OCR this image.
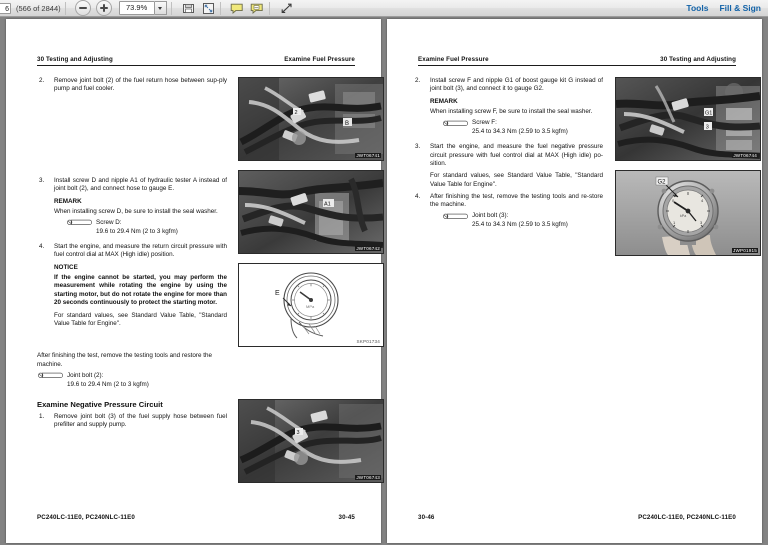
6 (566 of 2844)	73.9%	Tools Fill & Sign
30 Testing and Adjusting	Examine Fuel Pressure
2. Remove joint bolt (2) of the fuel return hose between sup-ply pump and fuel cooler.

3. Install screw D and nipple A1 of hydraulic tester A instead of joint bolt (2), and connect hose to gauge E.

REMARK

When installing screw D, be sure to install the seal washer.

Screw D:
19.6 to 29.4 Nm (2 to 3 kgfm)
4. Start the engine, and measure the return circuit pressure with fuel control dial at MAX (High idle) position.

NOTICE

If the engine cannot be started, you may perform the measurement while rotating the engine by using the starting motor, but do not rotate the engine for more than 20 seconds continuously to protect the starting motor.

For standard values, see Standard Value Table, "Standard Value Table for Engine".

After finishing the test, remove the testing tools and restore the machine.

Joint bolt (2):
19.6 to 29.4 Nm (2 to 3 kgfm)
Examine Negative Pressure Circuit
1. Remove joint bolt (3) of the fuel supply hose between fuel prefilter and supply pump.

B
2
JWT06741
A1
JWT06742
MPa
E
SKP01734
3
JWT06743
PC240LC-11E0, PC240NLC-11E0	30-45
Examine Fuel Pressure	30 Testing and Adjusting
2. Install screw F and nipple G1 of boost gauge kit G instead of joint bolt (3), and connect it to gauge G2.

REMARK

When installing screw F, be sure to install the seal washer.

Screw F:
25.4 to 34.3 Nm (2.59 to 3.5 kgfm)
3. Start the engine, and measure the fuel negative pressure circuit pressure with fuel control dial at MAX (High idle) po-sition.

For standard values, see Standard Value Table, "Standard Value Table for Engine".

4. After finishing the test, remove the testing tools and re-store the machine.

Joint bolt (3):
25.4 to 34.3 Nm (2.59 to 3.5 kgfm)
G1
3
JWT06744
0	4
1	3
kPa
G2
JWP01915
30-46	PC240LC-11E0, PC240NLC-11E0
